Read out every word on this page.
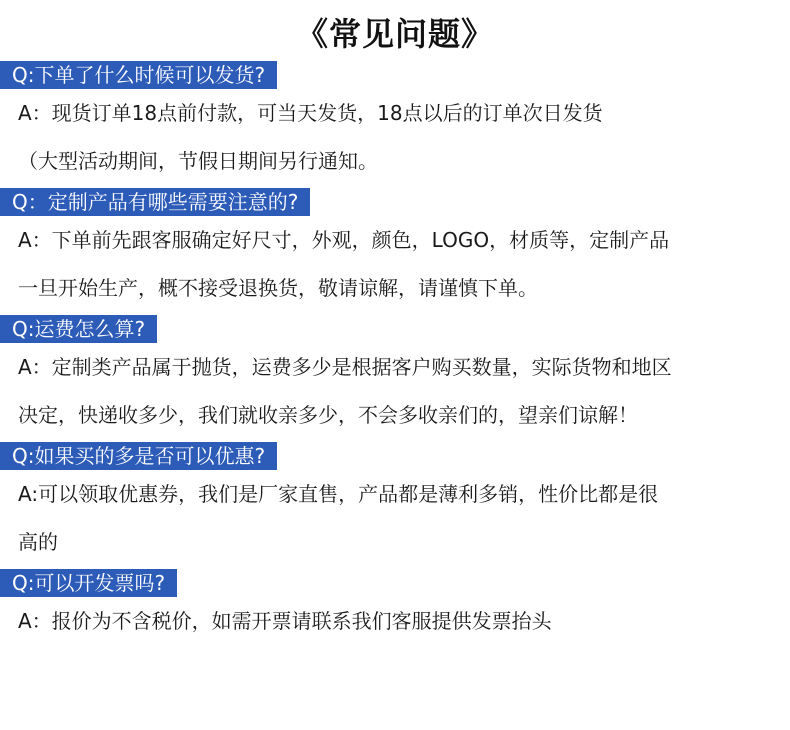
《常见问题》
Q:下单了什么时候可以发货?
A：现货订单18点前付款，可当天发货，18点以后的订单次日发货
（大型活动期间，节假日期间另行通知。
Q：定制产品有哪些需要注意的?
A：下单前先跟客服确定好尺寸，外观，颜色，LOGO，材质等，定制产品
一旦开始生产，概不接受退换货，敬请谅解，请谨慎下单。
Q:运费怎么算?
A：定制类产品属于抛货，运费多少是根据客户购买数量，实际货物和地区
决定，快递收多少，我们就收亲多少，不会多收亲们的，望亲们谅解！
Q:如果买的多是否可以优惠?
A:可以领取优惠券，我们是厂家直售，产品都是薄利多销，性价比都是很
高的
Q:可以开发票吗?
A：报价为不含税价，如需开票请联系我们客服提供发票抬头
